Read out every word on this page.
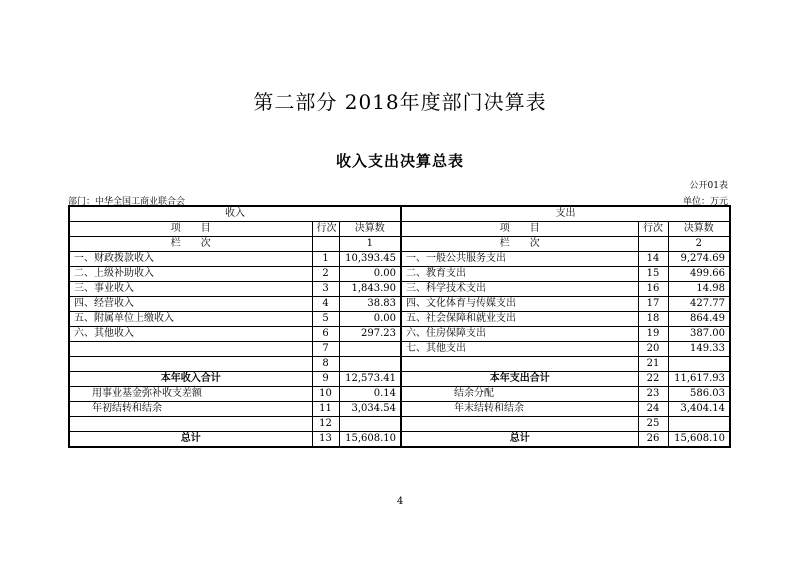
第二部分 2018年度部门决算表
收入支出决算总表
公开01表
部门：中华全国工商业联合会	单位：万元
收入			支出		
项　　目	行次	决算数	项　　目	行次	决算数
栏　　次		1	栏　　次		2
一、财政拨款收入	1	10,393.45	一、一般公共服务支出	14	9,274.69
二、上级补助收入	2	0.00	二、教育支出	15	499.66
三、事业收入	3	1,843.90	三、科学技术支出	16	14.98
四、经营收入	4	38.83	四、文化体育与传媒支出	17	427.77
五、附属单位上缴收入	5	0.00	五、社会保障和就业支出	18	864.49
六、其他收入	6	297.23	六、住房保障支出	19	387.00
	7		七、其他支出	20	149.33
	8			21	
本年收入合计	9	12,573.41	本年支出合计	22	11,617.93
用事业基金弥补收支差额	10	0.14	结余分配	23	586.03
年初结转和结余	11	3,034.54	年末结转和结余	24	3,404.14
	12			25	
总计	13	15,608.10	总计	26	15,608.10
4
